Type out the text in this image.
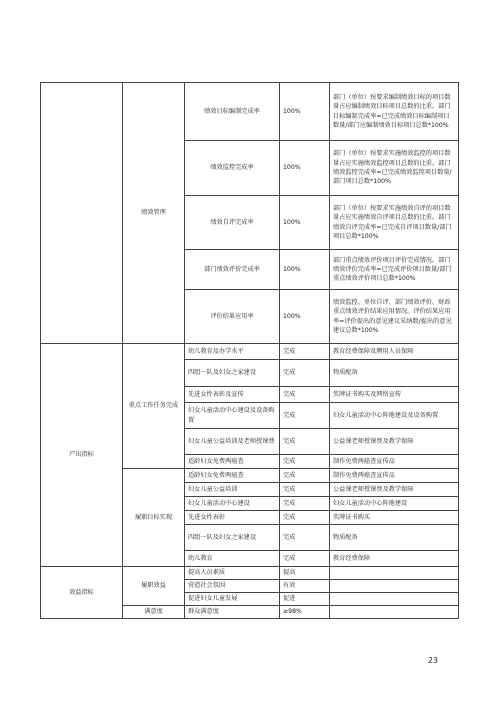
	绩效管理	绩效目标编制完成率	100%	部门（单位）按要求编制绩效目标的项目数量占应编制绩效目标项目总数的比重。部门目标编制完成率=已完成绩效目标编制项目数量/部门应编制绩效目标项目总数*100%
		绩效监控完成率	100%	部门（单位）按要求实施绩效监控的项目数量占应实施绩效监控项目总数的比重。部门绩效监控完成率=已完成绩效监控项目数量/部门项目总数*100%
		绩效自评完成率	100%	部门（单位）按要求实施绩效自评的项目数量占应实施绩效自评项目总数的比重。部门绩效自评完成率=已完成自评项目数量/部门项目总数*100%
		部门绩效评价完成率	100%	部门重点绩效评价项目评价完成情况。部门绩效评价完成率=已完成评价项目数量/部门重点绩效评价项目总数*100%
		评价结果应用率	100%	绩效监控、单位自评、部门绩效评价、财政重点绩效评价结果应用情况。评价结果应用率=评价提出的意见建议采纳数/提出的意见建议总数*100%
产出指标	重点工作任务完成	幼儿教育及办学水平	完成	教育经费保障及聘用人员保障
		四组一队及妇女之家建设	完成	物质配备
		先进女性表彰及宣传	完成	奖牌证书购买及网络宣传
		妇女儿童活动中心建设及设备购置	完成	妇女儿童活动中心阵地建设及设备购置
		妇女儿童公益培训及老师授课费	完成	公益课老师授课费及教学保障
		适龄妇女免费两癌查	完成	制作免费两癌查宣传品
	履职目标实现	适龄妇女免费两癌查	完成	制作免费两癌查宣传品
		妇女儿童公益培训	完成	公益课老师授课费及教学保障
		妇女儿童活动中心建设	完成	妇女儿童活动中心阵地建设
		先进女性表彰	完成	奖牌证书购买
		四组一队及妇女之家建设	完成	物质配备
		幼儿教育	完成	教育经费保障
效益指标	履职效益	提高人员素质	提高	
		营造社会氛围	有效	
		促进妇女儿童发展	促进	
	满意度	群众满意度	≥98%	
23
